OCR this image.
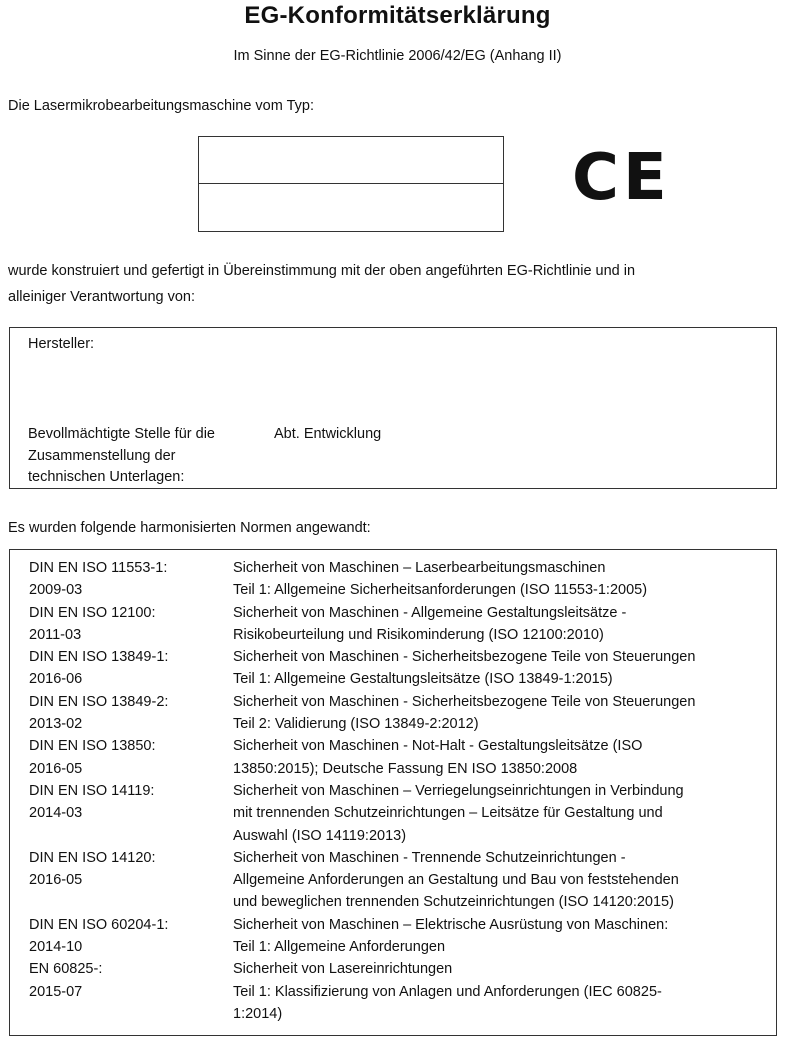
EG-Konformitätserklärung
Im Sinne der EG-Richtlinie 2006/42/EG (Anhang II)
Die Lasermikrobearbeitungsmaschine vom Typ:
CE
wurde konstruiert und gefertigt in Übereinstimmung mit der oben angeführten EG-Richtlinie und in
alleiniger Verantwortung von:
Hersteller:
Bevollmächtigte Stelle für die
Zusammenstellung der
technischen Unterlagen:
Abt. Entwicklung
Es wurden folgende harmonisierten Normen angewandt:
DIN EN ISO 11553-1:
2009-03
Sicherheit von Maschinen – Laserbearbeitungsmaschinen
Teil 1: Allgemeine Sicherheitsanforderungen (ISO 11553-1:2005)
DIN EN ISO 12100:
2011-03
Sicherheit von Maschinen - Allgemeine Gestaltungsleitsätze -
Risikobeurteilung und Risikominderung (ISO 12100:2010)
DIN EN ISO 13849-1:
2016-06
Sicherheit von Maschinen - Sicherheitsbezogene Teile von Steuerungen
Teil 1: Allgemeine Gestaltungsleitsätze (ISO 13849-1:2015)
DIN EN ISO 13849-2:
2013-02
Sicherheit von Maschinen - Sicherheitsbezogene Teile von Steuerungen
Teil 2: Validierung (ISO 13849-2:2012)
DIN EN ISO 13850:
2016-05
Sicherheit von Maschinen - Not-Halt - Gestaltungsleitsätze (ISO
13850:2015); Deutsche Fassung EN ISO 13850:2008
DIN EN ISO 14119:
2014-03
Sicherheit von Maschinen – Verriegelungseinrichtungen in Verbindung
mit trennenden Schutzeinrichtungen – Leitsätze für Gestaltung und
Auswahl (ISO 14119:2013)
DIN EN ISO 14120:
2016-05
Sicherheit von Maschinen - Trennende Schutzeinrichtungen -
Allgemeine Anforderungen an Gestaltung und Bau von feststehenden
und beweglichen trennenden Schutzeinrichtungen (ISO 14120:2015)
DIN EN ISO 60204-1:
2014-10
Sicherheit von Maschinen – Elektrische Ausrüstung von Maschinen:
Teil 1: Allgemeine Anforderungen
EN 60825-:
2015-07
Sicherheit von Lasereinrichtungen
Teil 1: Klassifizierung von Anlagen und Anforderungen (IEC 60825-
1:2014)
